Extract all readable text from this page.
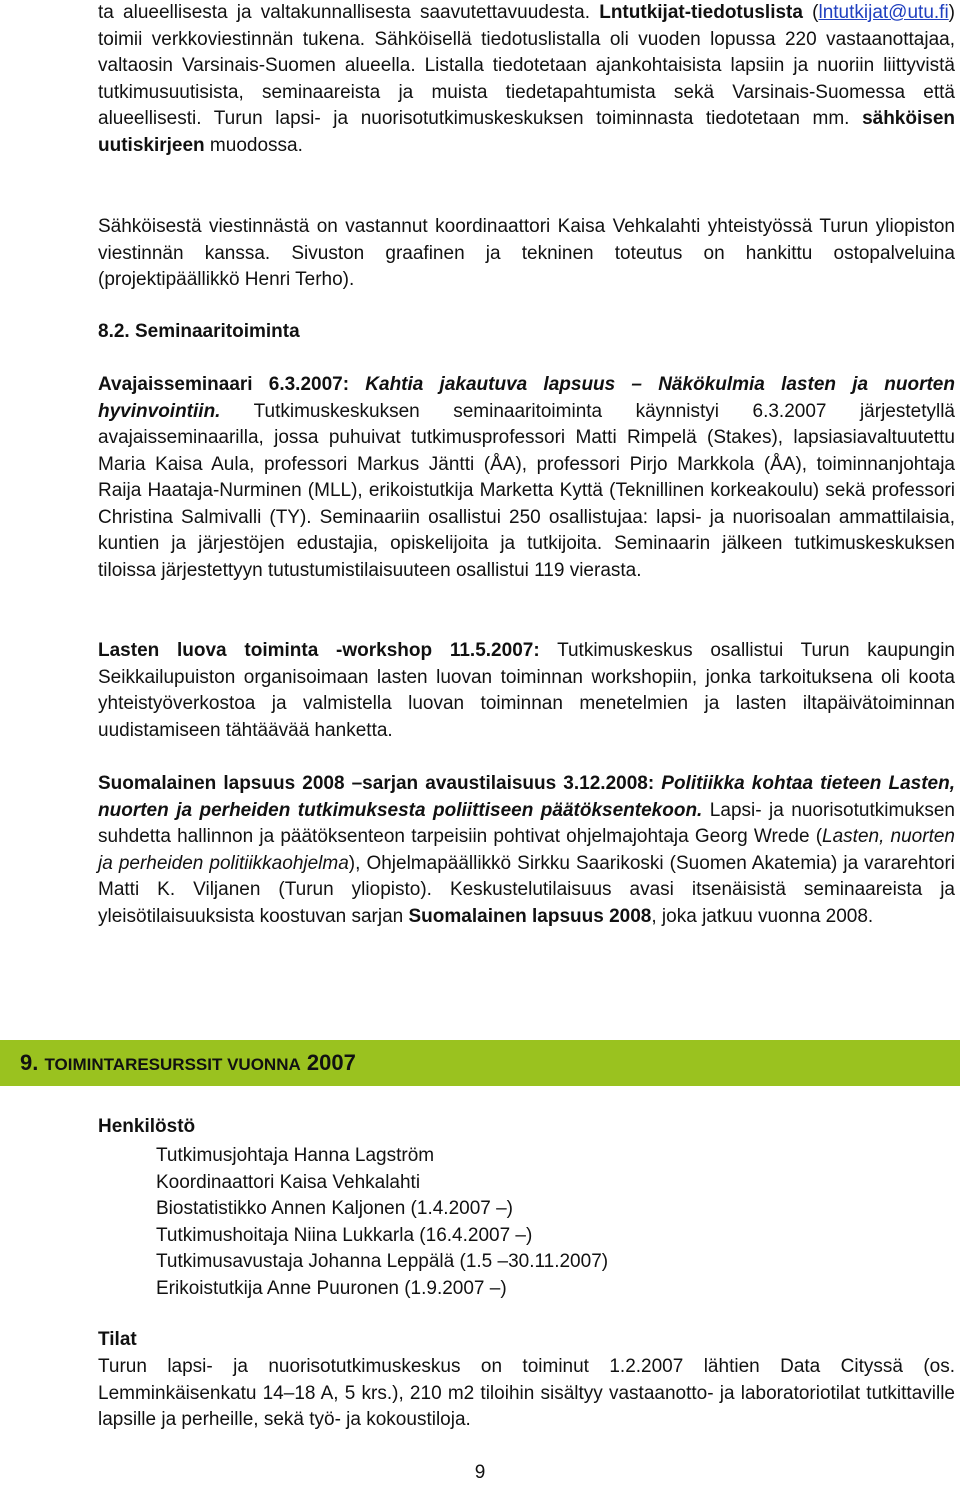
ta alueellisesta ja valtakunnallisesta saavutettavuudesta. Lntutkijat-tiedotuslista (lntutkijat@utu.fi) toimii verkkoviestinnän tukena. Sähköisellä tiedotuslistalla oli vuoden lopussa 220 vastaanottajaa, valtaosin Varsinais-Suomen alueella. Listalla tiedotetaan ajankohtaisista lapsiin ja nuoriin liittyvistä tutkimusuutisista, seminaareista ja muista tiedetapahtumista sekä Varsinais-Suomessa että alueellisesti. Turun lapsi- ja nuorisotutkimuskeskuksen toiminnasta tiedotetaan mm. sähköisen uutiskirjeen muodossa.

Sähköisestä viestinnästä on vastannut koordinaattori Kaisa Vehkalahti yhteistyössä Turun yliopiston viestinnän kanssa. Sivuston graafinen ja tekninen toteutus on hankittu ostopalveluina (projektipäällikkö Henri Terho).

8.2. Seminaaritoiminta

Avajaisseminaari 6.3.2007: Kahtia jakautuva lapsuus – Näkökulmia lasten ja nuorten hyvinvointiin. Tutkimuskeskuksen seminaaritoiminta käynnistyi 6.3.2007 järjestetyllä avajaisseminaarilla, jossa puhuivat tutkimusprofessori Matti Rimpelä (Stakes), lapsiasiavaltuutettu Maria Kaisa Aula, professori Markus Jäntti (ÅA), professori Pirjo Markkola (ÅA), toiminnanjohtaja Raija Haataja-Nurminen (MLL), erikoistutkija Marketta Kyttä (Teknillinen korkeakoulu) sekä professori Christina Salmivalli (TY). Seminaariin osallistui 250 osallistujaa: lapsi- ja nuorisoalan ammattilaisia, kuntien ja järjestöjen edustajia, opiskelijoita ja tutkijoita. Seminaarin jälkeen tutkimuskeskuksen tiloissa järjestettyyn tutustumistilaisuuteen osallistui 119 vierasta.

Lasten luova toiminta -workshop 11.5.2007: Tutkimuskeskus osallistui Turun kaupungin Seikkailupuiston organisoimaan lasten luovan toiminnan workshopiin, jonka tarkoituksena oli koota yhteistyöverkostoa ja valmistella luovan toiminnan menetelmien ja lasten iltapäivätoiminnan uudistamiseen tähtäävää hanketta.

Suomalainen lapsuus 2008 –sarjan avaustilaisuus 3.12.2008: Politiikka kohtaa tieteen Lasten, nuorten ja perheiden tutkimuksesta poliittiseen päätöksentekoon. Lapsi- ja nuorisotutkimuksen suhdetta hallinnon ja päätöksenteon tarpeisiin pohtivat ohjelmajohtaja Georg Wrede (Lasten, nuorten ja perheiden politiikkaohjelma), Ohjelmapäällikkö Sirkku Saarikoski (Suomen Akatemia) ja vararehtori Matti K. Viljanen (Turun yliopisto). Keskustelutilaisuus avasi itsenäisistä seminaareista ja yleisötilaisuuksista koostuvan sarjan Suomalainen lapsuus 2008, joka jatkuu vuonna 2008.

9. TOIMINTARESURSSIT VUONNA 2007
Henkilöstö
Tutkimusjohtaja Hanna Lagström
Koordinaattori Kaisa Vehkalahti
Biostatistikko Annen Kaljonen (1.4.2007 –)
Tutkimushoitaja Niina Lukkarla (16.4.2007 –)
Tutkimusavustaja Johanna Leppälä (1.5 –30.11.2007)
Erikoistutkija Anne Puuronen (1.9.2007 –)
Tilat

Turun lapsi- ja nuorisotutkimuskeskus on toiminut 1.2.2007 lähtien Data Cityssä (os. Lemminkäisenkatu 14–18 A, 5 krs.), 210 m2 tiloihin sisältyy vastaanotto- ja laboratoriotilat tutkittaville lapsille ja perheille, sekä työ- ja kokoustiloja.

9
